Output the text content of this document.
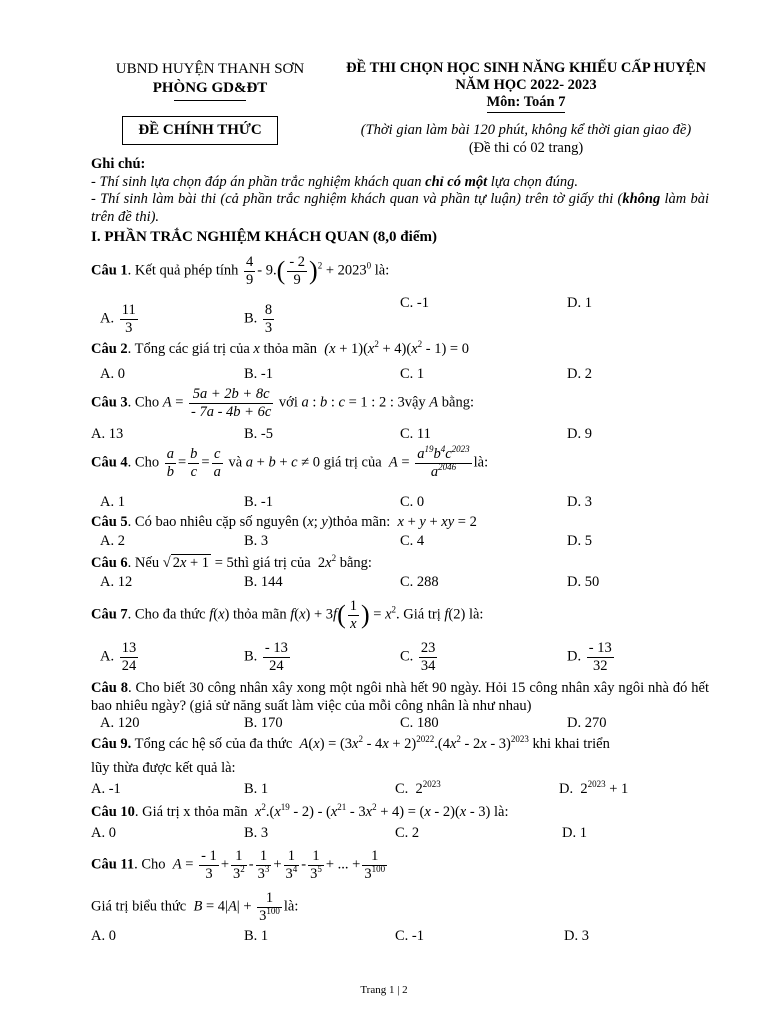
UBND HUYỆN THANH SƠN
PHÒNG GD&ĐT
ĐỀ THI CHỌN HỌC SINH NĂNG KHIẾU CẤP HUYỆN
NĂM HỌC 2022- 2023
Môn: Toán 7
ĐỀ CHÍNH THỨC	(Thời gian làm bài 120 phút, không kể thời gian giao đề)
(Đề thi có 02 trang)
Ghi chú:
- Thí sinh lựa chọn đáp án phần trắc nghiệm khách quan chỉ có một lựa chọn đúng.
- Thí sinh làm bài thi (cả phần trắc nghiệm khách quan và phần tự luận) trên tờ giấy thi (không làm bài trên đề thi).
I. PHẦN TRẮC NGHIỆM KHÁCH QUAN (8,0 điểm)
Câu 1. Kết quả phép tính $\frac{4}{9} - 9.( \frac{- 2}{9} )^2 + 2023^0$ là:
A. $\frac{11}{3}$	B. $\frac{8}{3}$	C. -1	D. 1
Câu 2. Tổng các giá trị của x thỏa mãn $(x + 1)(x^2 + 4)(x^2 - 1) = 0$
A. 0	B. -1	C. 1	D. 2
Câu 3. Cho $A = \frac{5a + 2b + 8c}{- 7a - 4b + 6c}$ với a : b : c = 1 : 2 : 3vậy A bằng:
A. 13	B. -5	C. 11	D. 9
Câu 4. Cho $\frac{a}{b} = \frac{b}{c} = \frac{c}{a}$ và a + b + c ≠ 0 giá trị của $A = \frac{a^{19}b^4c^{2023}}{a^{2046}}$ là:
A. 1	B. -1	C. 0	D. 3
Câu 5. Có bao nhiêu cặp số nguyên (x; y)thỏa mãn: x + y + xy = 2
A. 2	B. 3	C. 4	D. 5
Câu 6. Nếu √ 2x + 1 = 5thì giá trị của  $2x^2$ bằng:
A. 12	B. 144	C. 288	D. 50
Câu 7. Cho đa thức f(x) thỏa mãn $f(x) + 3f( \frac{1}{x}$ ) = $x^2$. Giá trị f(2) là:
A. $\frac{13}{24}$	B. $\frac{- 13}{24}$	C. $\frac{23}{34}$	D. $\frac{- 13}{32}$
Câu 8. Cho biết 30 công nhân xây xong một ngôi nhà hết 90 ngày. Hỏi 15 công nhân xây ngôi nhà đó hết bao nhiêu ngày? (giả sử năng suất làm việc của mỗi công nhân là như nhau)
A. 120	B. 170	C. 180	D. 270
Câu 9. Tổng các hệ số của đa thức $A(x) = (3x^2 - 4x + 2)^{2022}.(4x^2 - 2x - 3)^{2023}$ khi khai triển
lũy thừa được kết quả là:
A. -1	B. 1	C.  $2^{2023}$	D.  $2^{2023} + 1$
Câu 10. Giá trị x thỏa mãn $x^2.(x^{19} - 2) - (x^{21} - 3x^2 + 4) = (x - 2)(x - 3)$ là:
A. 0	B. 3	C. 2	D. 1
Câu 11. Cho $A = \frac{- 1}{3} + \frac{1}{3^2} - \frac{1}{3^3} + \frac{1}{3^4} - \frac{1}{3^5}$ + ... + $\frac{1}{3^{100}}$
Giá trị biểu thức $B = 4|A| + \frac{1}{3^{100}}$ là:
A. 0	B. 1	C. -1	D. 3
Trang 1 | 2
